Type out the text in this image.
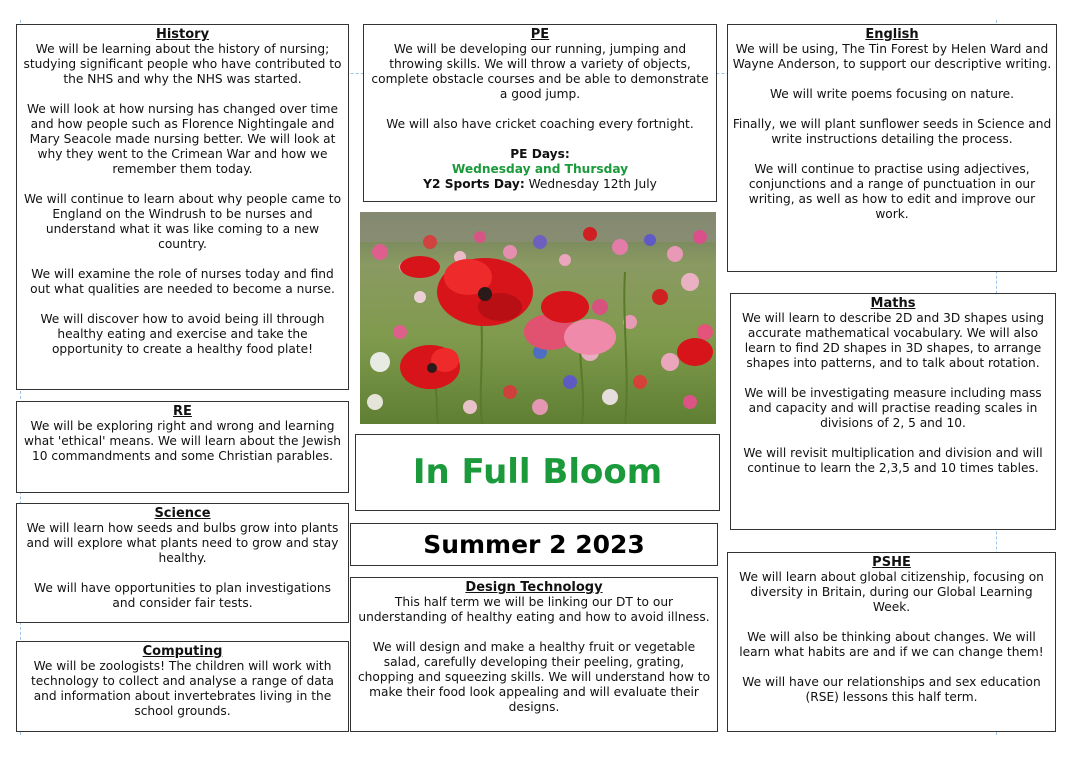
History

We will be learning about the history of nursing; studying significant people who have contributed to the NHS and why the NHS was started.

We will look at how nursing has changed over time and how people such as Florence Nightingale and Mary Seacole made nursing better. We will look at why they went to the Crimean War and how we remember them today.

We will continue to learn about why people came to England on the Windrush to be nurses and understand what it was like coming to a new country.

We will examine the role of nurses today and find out what qualities are needed to become a nurse.

We will discover how to avoid being ill through healthy eating and exercise and take the opportunity to create a healthy food plate!

RE

We will be exploring right and wrong and learning what 'ethical' means. We will learn about the Jewish 10 commandments and some Christian parables.

Science

We will learn how seeds and bulbs grow into plants and will explore what plants need to grow and stay healthy.

We will have opportunities to plan investigations and consider fair tests.

Computing

We will be zoologists! The children will work with technology to collect and analyse a range of data and information about invertebrates living in the school grounds.

PE

We will be developing our running, jumping and throwing skills. We will throw a variety of objects, complete obstacle courses and be able to demonstrate a good jump.

We will also have cricket coaching every fortnight.

PE Days:
Wednesday and Thursday
Y2 Sports Day: Wednesday 12th July
In Full Bloom
Summer 2 2023
Design Technology

This half term we will be linking our DT to our understanding of healthy eating and how to avoid illness.

We will design and make a healthy fruit or vegetable salad, carefully developing their peeling, grating, chopping and squeezing skills. We will understand how to make their food look appealing and will evaluate their designs.

English

We will be using, The Tin Forest by Helen Ward and Wayne Anderson, to support our descriptive writing.

We will write poems focusing on nature.

Finally, we will plant sunflower seeds in Science and write instructions detailing the process.

We will continue to practise using adjectives, conjunctions and a range of punctuation in our writing, as well as how to edit and improve our work.

Maths

We will learn to describe 2D and 3D shapes using accurate mathematical vocabulary. We will also learn to find 2D shapes in 3D shapes, to arrange shapes into patterns, and to talk about rotation.

We will be investigating measure including mass and capacity and will practise reading scales in divisions of 2, 5 and 10.

We will revisit multiplication and division and will continue to learn the 2,3,5 and 10 times tables.

PSHE

We will learn about global citizenship, focusing on diversity in Britain, during our Global Learning Week.

We will also be thinking about changes. We will learn what habits are and if we can change them!

We will have our relationships and sex education (RSE) lessons this half term.
